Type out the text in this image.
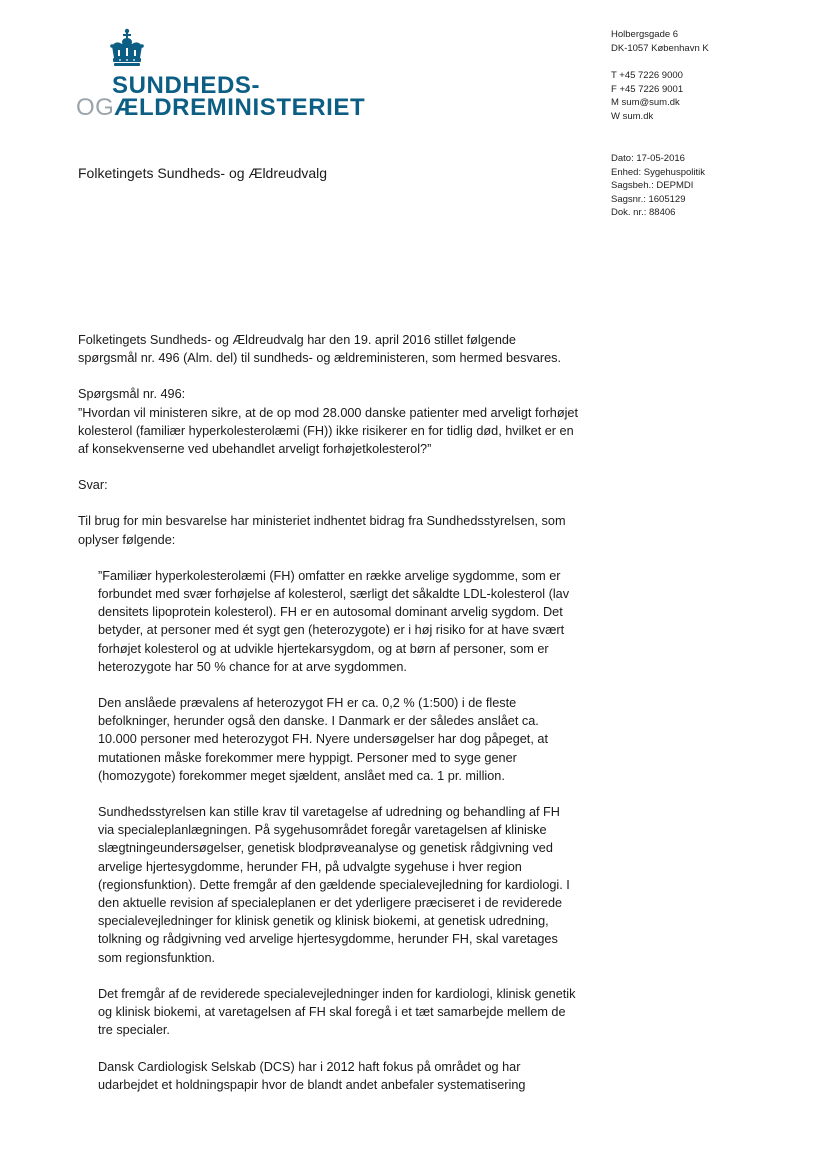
SUNDHEDS-
OGÆLDREMINISTERIET
Holbergsgade 6
DK-1057 København K
T +45 7226 9000
F +45 7226 9001
M sum@sum.dk
W sum.dk
Dato: 17-05-2016
Enhed: Sygehuspolitik
Sagsbeh.: DEPMDI
Sagsnr.: 1605129
Dok. nr.: 88406
Folketingets Sundheds- og Ældreudvalg

Folketingets Sundheds- og Ældreudvalg har den 19. april 2016 stillet følgende spørgsmål nr. 496 (Alm. del) til sundheds- og ældreministeren, som hermed besvares.

Spørgsmål nr. 496:
”Hvordan vil ministeren sikre, at de op mod 28.000 danske patienter med arveligt forhøjet kolesterol (familiær hyperkolesterolæmi (FH)) ikke risikerer en for tidlig død, hvilket er en af konsekvenserne ved ubehandlet arveligt forhøjetkolesterol?”

Svar:

Til brug for min besvarelse har ministeriet indhentet bidrag fra Sundhedsstyrelsen, som oplyser følgende:

”Familiær hyperkolesterolæmi (FH) omfatter en række arvelige sygdomme, som er forbundet med svær forhøjelse af kolesterol, særligt det såkaldte LDL-kolesterol (lav densitets lipoprotein kolesterol). FH er en autosomal dominant arvelig sygdom. Det betyder, at personer med ét sygt gen (heterozygote) er i høj risiko for at have svært forhøjet kolesterol og at udvikle hjertekarsygdom, og at børn af personer, som er heterozygote har 50 % chance for at arve sygdommen.

Den anslåede prævalens af heterozygot FH er ca. 0,2 % (1:500) i de fleste befolkninger, herunder også den danske. I Danmark er der således anslået ca. 10.000 personer med heterozygot FH. Nyere undersøgelser har dog påpeget, at mutationen måske forekommer mere hyppigt. Personer med to syge gener (homozygote) forekommer meget sjældent, anslået med ca. 1 pr. million.

Sundhedsstyrelsen kan stille krav til varetagelse af udredning og behandling af FH via specialeplanlægningen. På sygehusområdet foregår varetagelsen af kliniske slægtningeundersøgelser, genetisk blodprøveanalyse og genetisk rådgivning ved arvelige hjertesygdomme, herunder FH, på udvalgte sygehuse i hver region (regionsfunktion). Dette fremgår af den gældende specialevejledning for kardiologi. I den aktuelle revision af specialeplanen er det yderligere præciseret i de reviderede specialevejledninger for klinisk genetik og klinisk biokemi, at genetisk udredning, tolkning og rådgivning ved arvelige hjertesygdomme, herunder FH, skal varetages som regionsfunktion.

Det fremgår af de reviderede specialevejledninger inden for kardiologi, klinisk genetik og klinisk biokemi, at varetagelsen af FH skal foregå i et tæt samarbejde mellem de tre specialer.

Dansk Cardiologisk Selskab (DCS) har i 2012 haft fokus på området og har udarbejdet et holdningspapir hvor de blandt andet anbefaler systematisering
